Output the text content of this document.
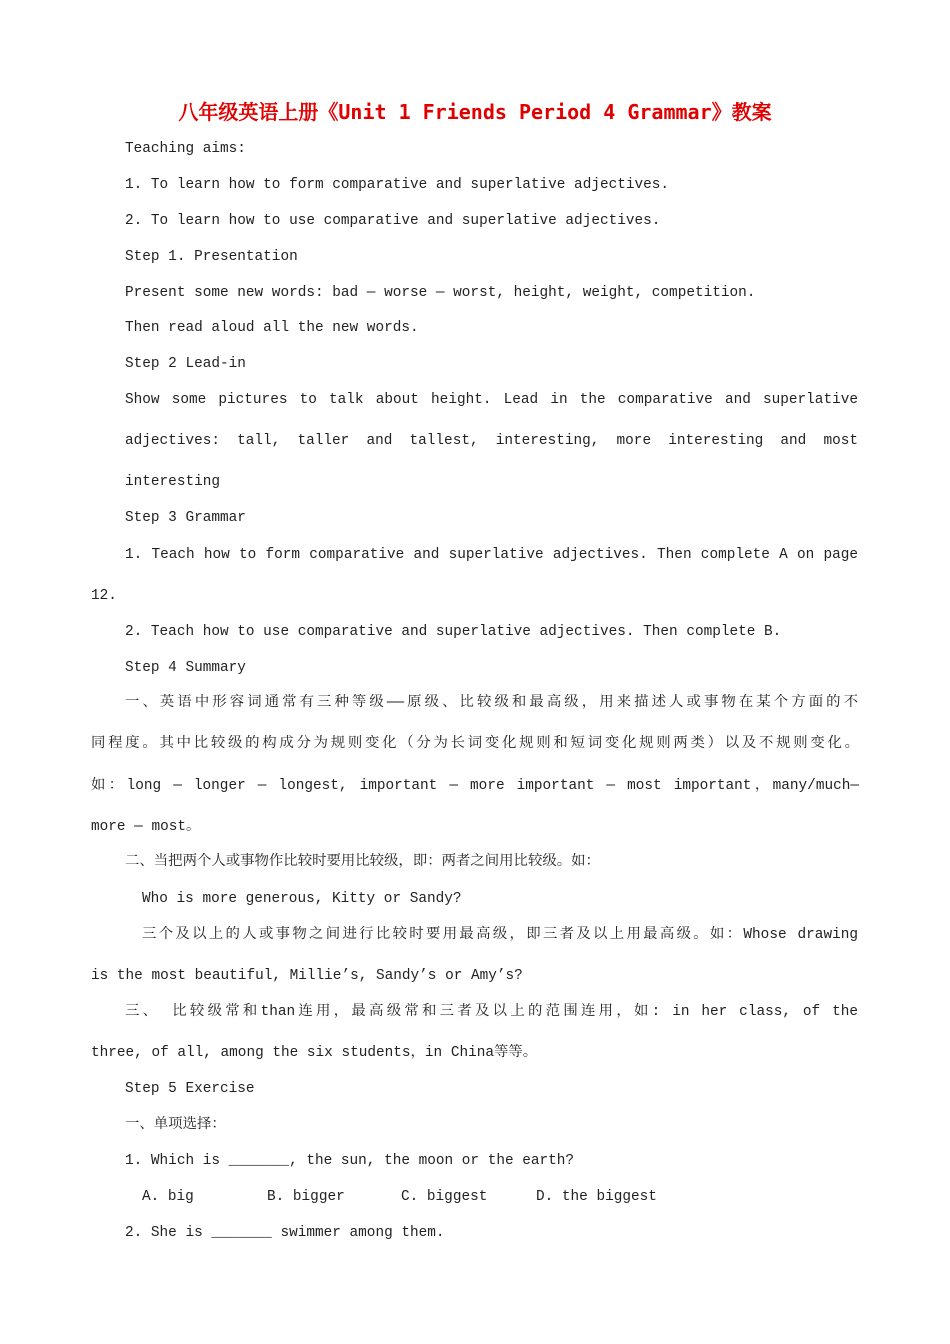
八年级英语上册《Unit 1 Friends Period 4 Grammar》教案

Teaching aims:

1. To learn how to form comparative and superlative adjectives.

2. To learn how to use comparative and superlative adjectives.

Step 1. Presentation

Present some new words: bad — worse — worst, height, weight, competition.

Then read aloud all the new words.

Step 2 Lead-in

Show some pictures to talk about height. Lead in the comparative and superlative

adjectives: tall, taller and tallest, interesting, more interesting and most

interesting

Step 3 Grammar

1. Teach how to form comparative and superlative adjectives. Then complete A on page

12.

2. Teach how to use comparative and superlative adjectives. Then complete B.

Step 4 Summary

一、英语中形容词通常有三种等级——原级、比较级和最高级，用来描述人或事物在某个方面的不

同程度。其中比较级的构成分为规则变化（分为长词变化规则和短词变化规则两类）以及不规则变化。

如：long — longer — longest, important — more important — most important，many/much—

more — most。

二、当把两个人或事物作比较时要用比较级，即：两者之间用比较级。如：

Who is more generous, Kitty or Sandy?

三个及以上的人或事物之间进行比较时要用最高级，即三者及以上用最高级。如：Whose drawing

is the most beautiful, Millie’s, Sandy’s or Amy’s?

三、 比较级常和than连用，最高级常和三者及以上的范围连用，如: in her class, of the

three, of all, among the six students，in China等等。

Step 5 Exercise

一、单项选择：

1. Which is _______, the sun, the moon or the earth?

A. big	B. bigger	C. biggest	D. the biggest

2. She is _______ swimmer among them.
